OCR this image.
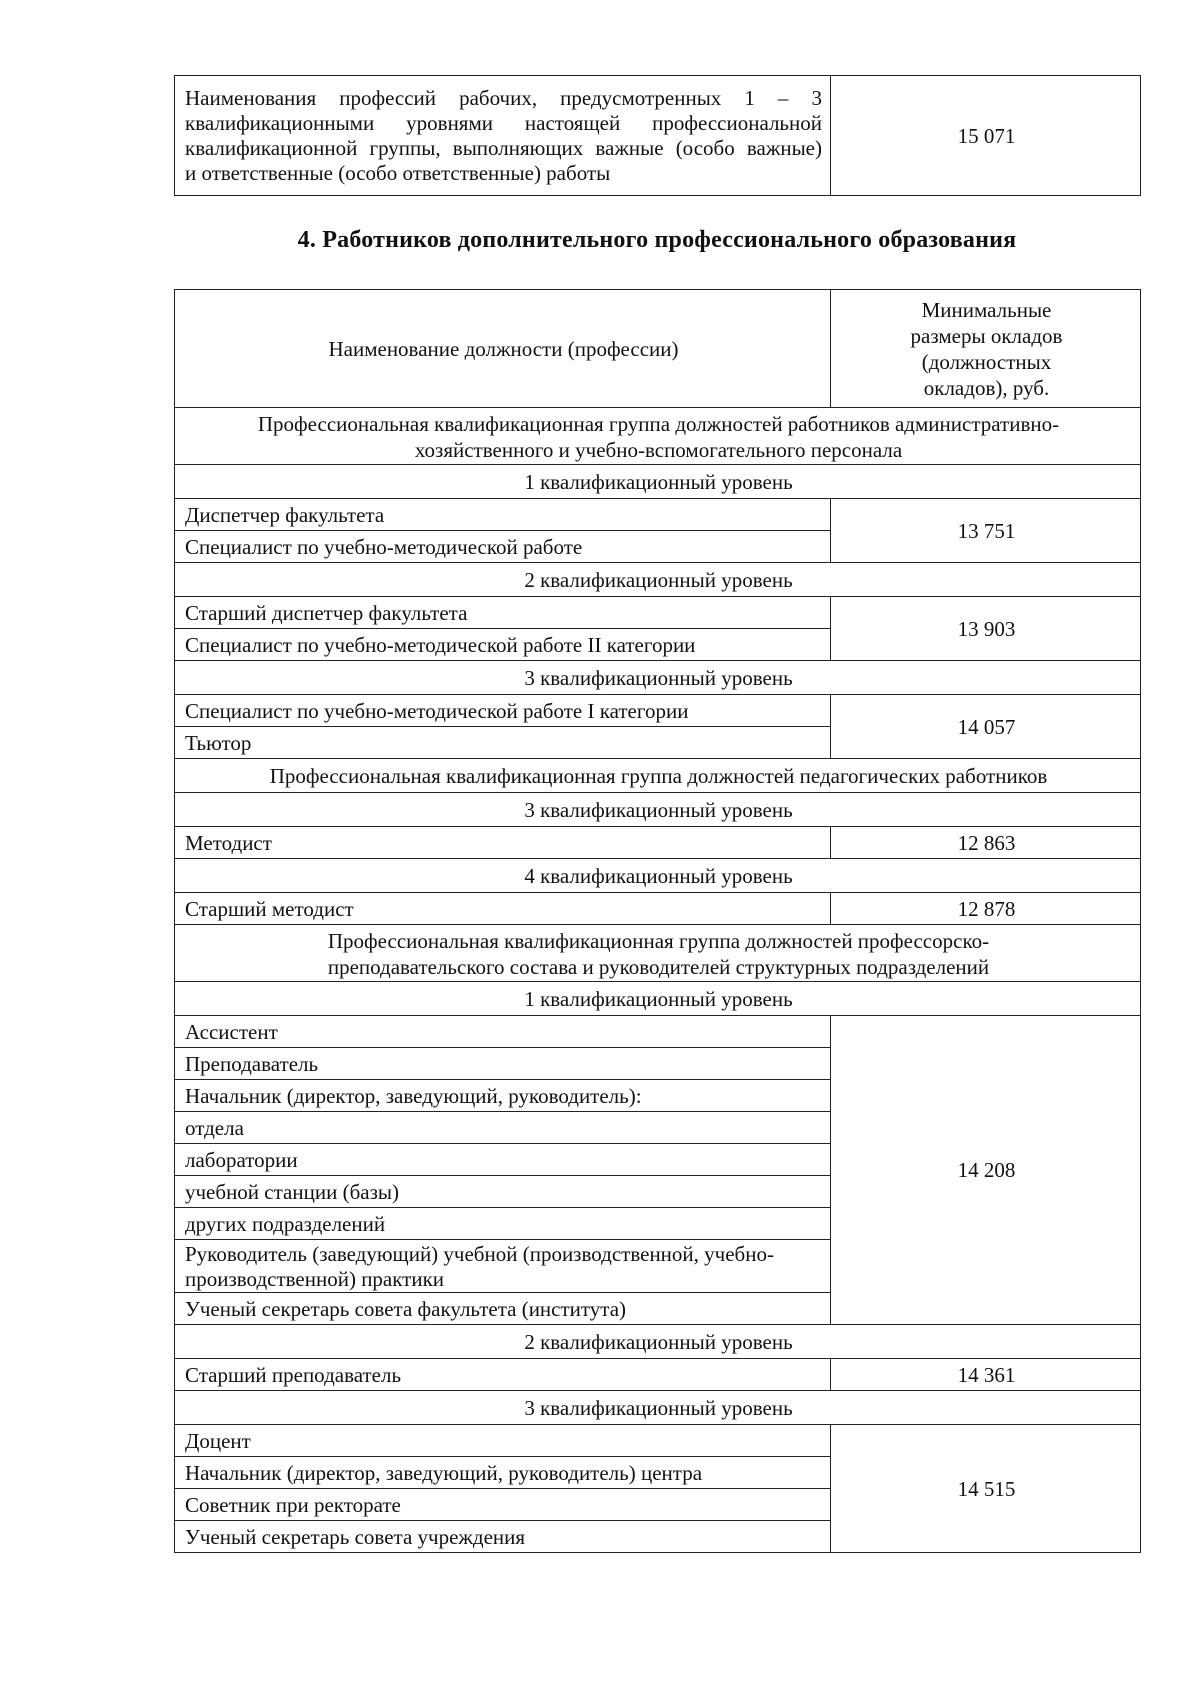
Наименования профессий рабочих, предусмотренных 1 – 3
квалификационными уровнями настоящей профессиональной
квалификационной группы, выполняющих важные (особо важные)
и ответственные (особо ответственные) работы
	15 071
4. Работников дополнительного профессионального образования
Наименование должности (профессии)	Минимальные
размеры окладов
(должностных
окладов), руб.
Профессиональная квалификационная группа должностей работников административно-
хозяйственного и учебно-вспомогательного персонала	
1 квалификационный уровень	
Диспетчер факультета	13 751
Специалист по учебно-методической работе	
2 квалификационный уровень	
Старший диспетчер факультета	13 903
Специалист по учебно-методической работе II категории	
3 квалификационный уровень	
Специалист по учебно-методической работе I категории	14 057
Тьютор	
Профессиональная квалификационная группа должностей педагогических работников	
3 квалификационный уровень	
Методист	12 863
4 квалификационный уровень	
Старший методист	12 878
Профессиональная квалификационная группа должностей профессорско-
преподавательского состава и руководителей структурных подразделений	
1 квалификационный уровень	
Ассистент	14 208
Преподаватель	
Начальник (директор, заведующий, руководитель):	
отдела	
лаборатории	
учебной станции (базы)	
других подразделений	
Руководитель (заведующий) учебной (производственной, учебно-
производственной) практики	
Ученый секретарь совета факультета (института)	
2 квалификационный уровень	
Старший преподаватель	14 361
3 квалификационный уровень	
Доцент	14 515
Начальник (директор, заведующий, руководитель) центра	
Советник при ректорате	
Ученый секретарь совета учреждения	
